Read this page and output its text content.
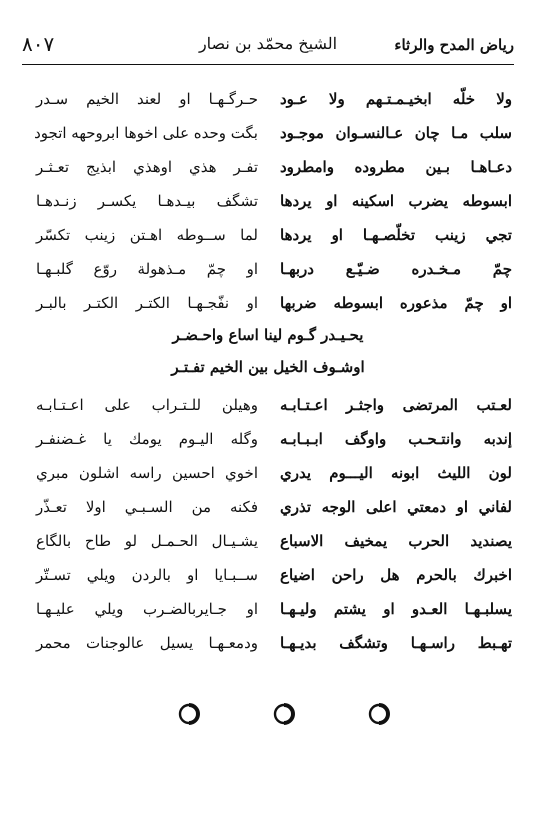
رياض المدح والرثاء
الشيخ محمّد بن نصار
٨٠٧
ولا خلّه ابخيـمـتـهم ولا عـود
حـرگـهـا او لعند الخيم سـدر
سلب مـا چان عـالنسـوان موجـود
بگت وحده على اخوها ابروحهه اتجود
دعـاهـا بـين مطروده وامطرود
تفـر هذي اوهذي ابذيج تعـثـر
ابسوطه يضرب اسكينه او يردها
تشگف بيـدهـا يكسـر زنـدهـا
تجي زينب تخلّصـهـا او يردها
لما ســوطه اهـتن زينب تكسّر
چمّ مـخـدره ضـيّـع دربهـا
او چمّ مـذهولة روّع گلبـهـا
او چمّ مذعوره ابسوطه ضربها
او نفّجـهـا الكتـر الكتـر بالبـر
يحـيـدر گـوم لينا اساع واحـضـر
اوشـوف الخيل بين الخيم تفـتـر
لعـتب المرتضى واجثـر اعـتـابـه
وهيلن للـتـراب على اعـتـابـه
إندبه وانتـحـب واوگف ابـبـابـه
وگله اليـوم يومك يا غـضنفـر
لون الليث ابونه اليـــوم يدري
اخوي احسين راسه اشلون مبري
لفاني او دمعتي اعلى الوجه تذري
فكنه من السـبـي اولا تعـذّر
يصنديد الحرب يمخيف الاسباع
يشـيـال الحـمـل لو طاح بالگاع
اخبرك بالحرم هل راحن اضياع
ســبـايا او بالردن ويلي تسـتّر
يسلبـهـا العـدو او يشتم وليـهـا
او جـايربالضـرب ويلي عليـهـا
تهـبط راسـهـا وتشگف بديـهـا
ودمعـهـا يسيل عالوجنات محمر
